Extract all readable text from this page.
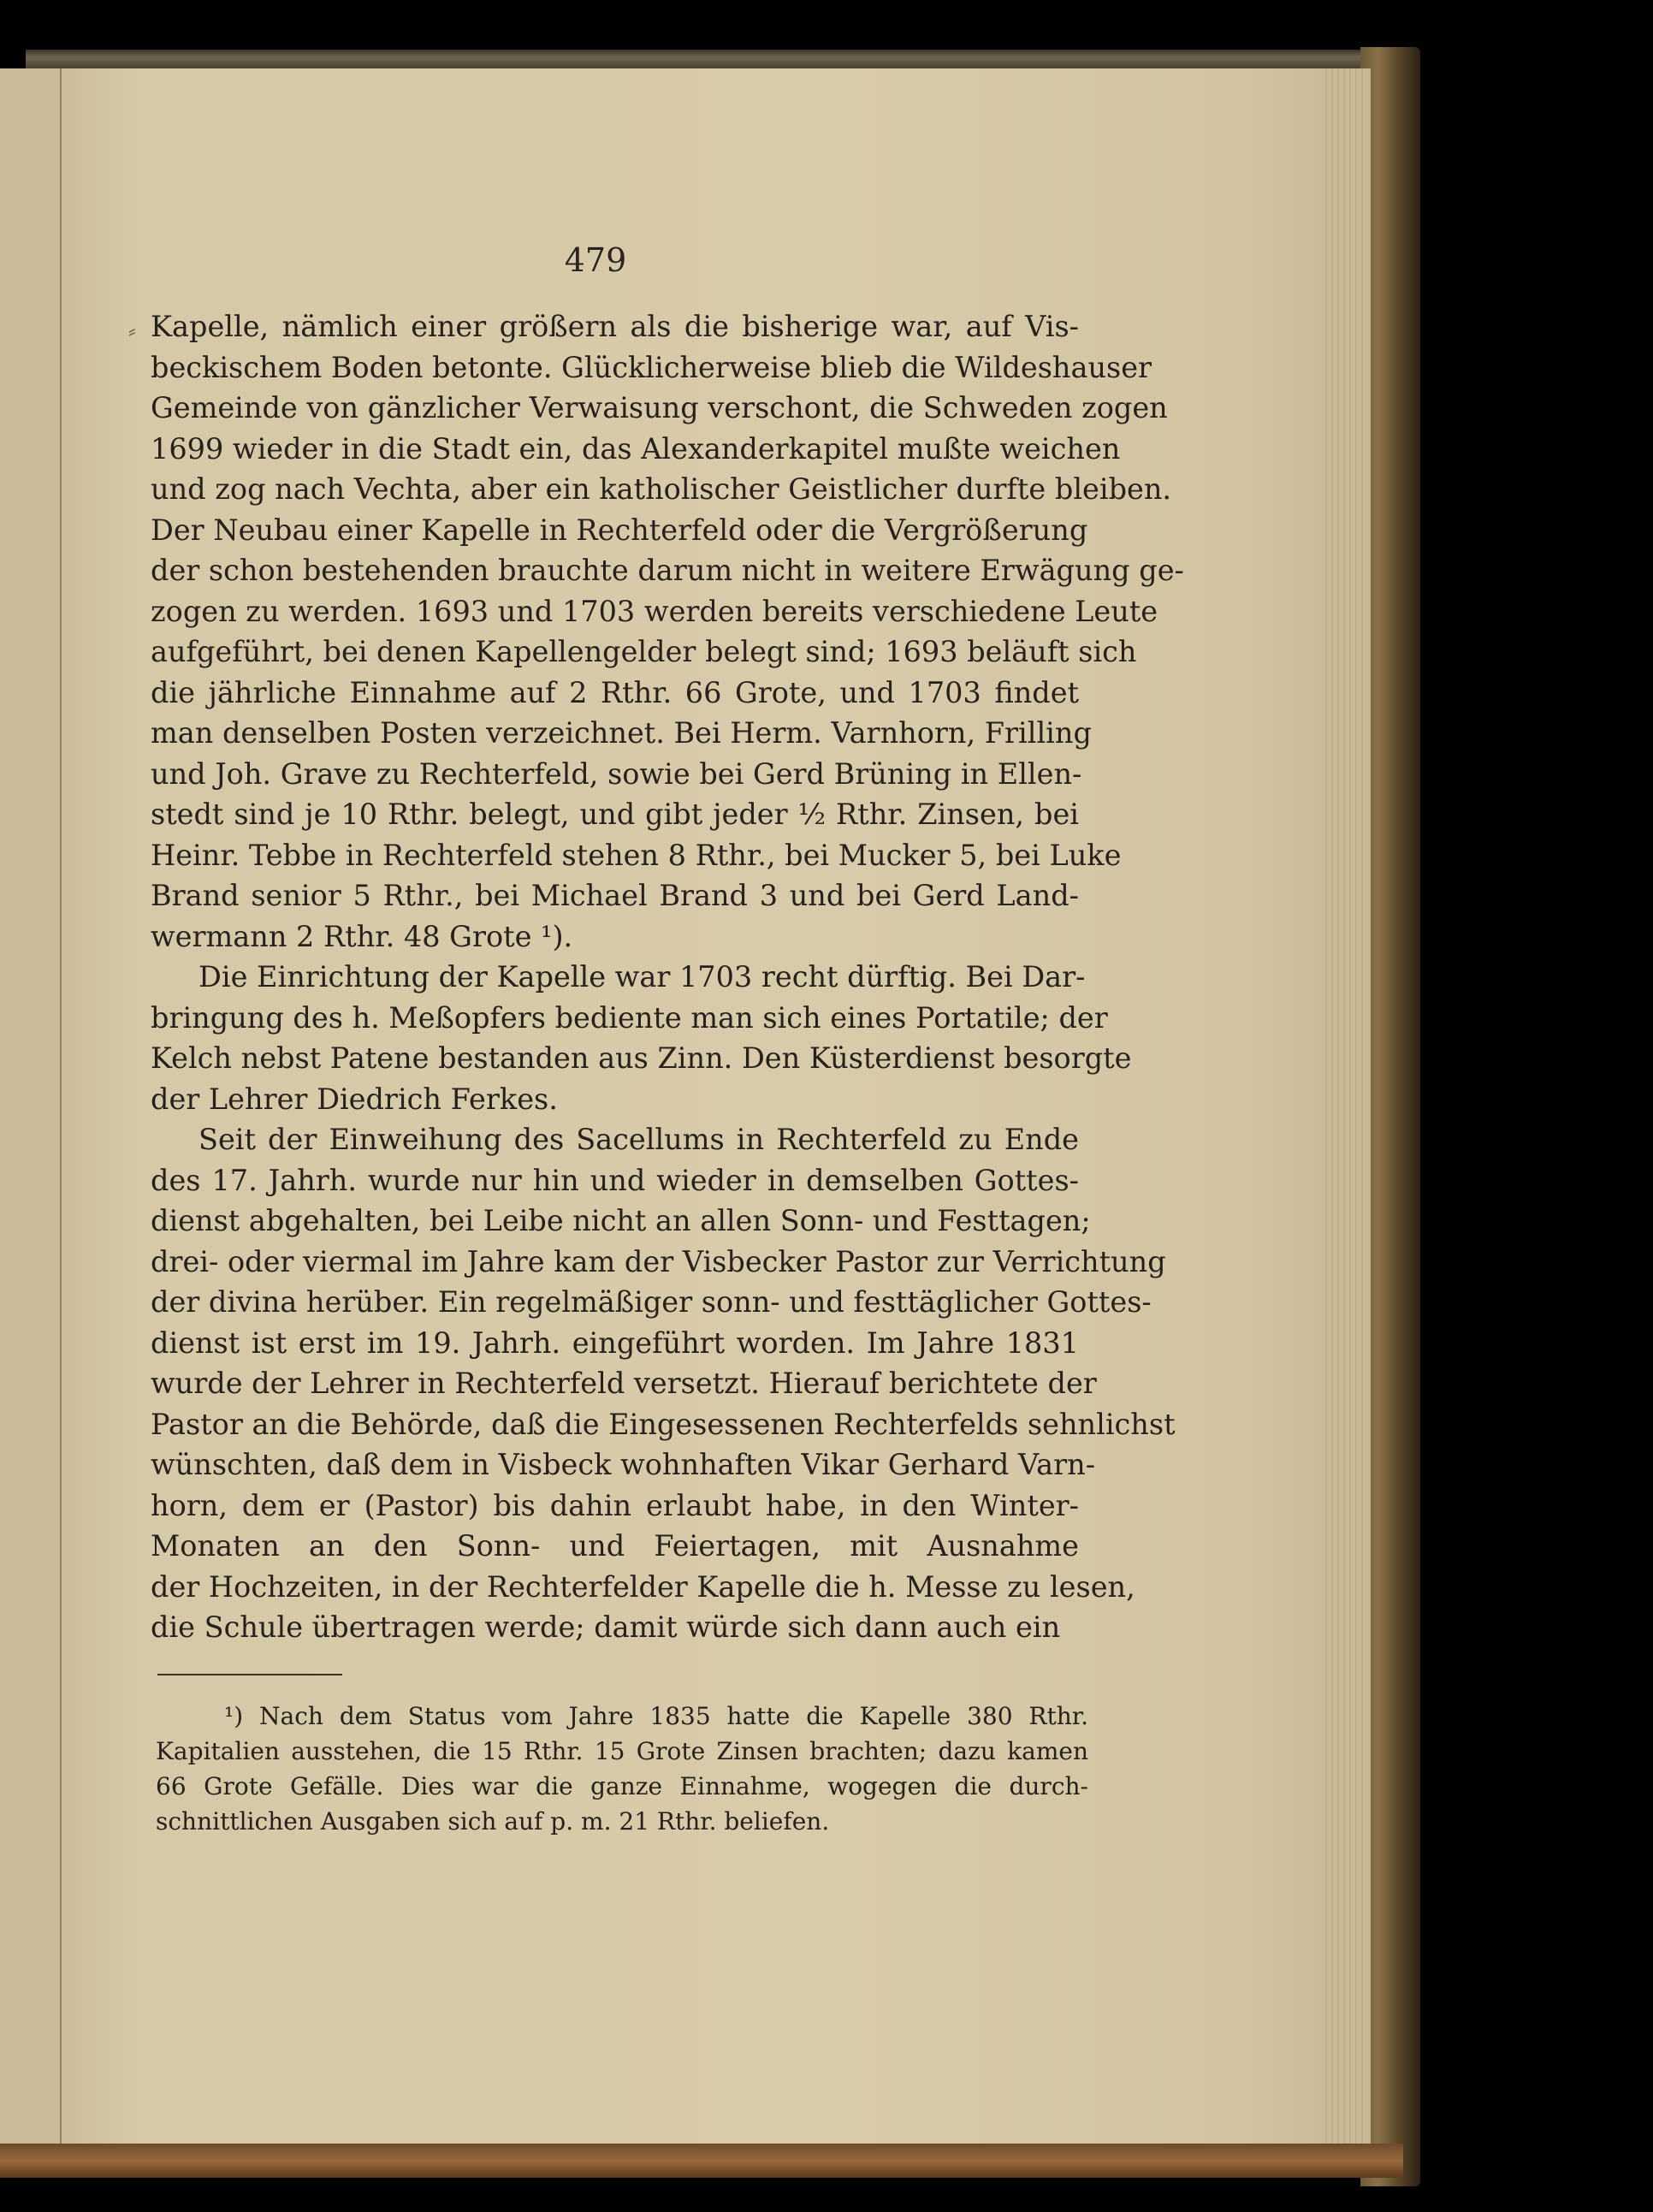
479
⸗ Kapelle, nämlich einer größern als die bisherige war, auf Vis-
beckischem Boden betonte. Glücklicherweise blieb die Wildeshauser
Gemeinde von gänzlicher Verwaisung verschont, die Schweden zogen
1699 wieder in die Stadt ein, das Alexanderkapitel mußte weichen
und zog nach Vechta, aber ein katholischer Geistlicher durfte bleiben.
Der Neubau einer Kapelle in Rechterfeld oder die Vergrößerung
der schon bestehenden brauchte darum nicht in weitere Erwägung ge-
zogen zu werden. 1693 und 1703 werden bereits verschiedene Leute
aufgeführt, bei denen Kapellengelder belegt sind; 1693 beläuft sich
die jährliche Einnahme auf 2 Rthr. 66 Grote, und 1703 findet
man denselben Posten verzeichnet. Bei Herm. Varnhorn, Frilling
und Joh. Grave zu Rechterfeld, sowie bei Gerd Brüning in Ellen-
stedt sind je 10 Rthr. belegt, und gibt jeder ½ Rthr. Zinsen, bei
Heinr. Tebbe in Rechterfeld stehen 8 Rthr., bei Mucker 5, bei Luke
Brand senior 5 Rthr., bei Michael Brand 3 und bei Gerd Land-
wermann 2 Rthr. 48 Grote ¹).
Die Einrichtung der Kapelle war 1703 recht dürftig. Bei Dar-
bringung des h. Meßopfers bediente man sich eines Portatile; der
Kelch nebst Patene bestanden aus Zinn. Den Küsterdienst besorgte
der Lehrer Diedrich Ferkes.
Seit der Einweihung des Sacellums in Rechterfeld zu Ende
des 17. Jahrh. wurde nur hin und wieder in demselben Gottes-
dienst abgehalten, bei Leibe nicht an allen Sonn- und Festtagen;
drei- oder viermal im Jahre kam der Visbecker Pastor zur Verrichtung
der divina herüber. Ein regelmäßiger sonn- und festtäglicher Gottes-
dienst ist erst im 19. Jahrh. eingeführt worden. Im Jahre 1831
wurde der Lehrer in Rechterfeld versetzt. Hierauf berichtete der
Pastor an die Behörde, daß die Eingesessenen Rechterfelds sehnlichst
wünschten, daß dem in Visbeck wohnhaften Vikar Gerhard Varn-
horn, dem er (Pastor) bis dahin erlaubt habe, in den Winter-
Monaten an den Sonn- und Feiertagen, mit Ausnahme
der Hochzeiten, in der Rechterfelder Kapelle die h. Messe zu lesen,
die Schule übertragen werde; damit würde sich dann auch ein
¹) Nach dem Status vom Jahre 1835 hatte die Kapelle 380 Rthr.
Kapitalien ausstehen, die 15 Rthr. 15 Grote Zinsen brachten; dazu kamen
66 Grote Gefälle. Dies war die ganze Einnahme, wogegen die durch-
schnittlichen Ausgaben sich auf p. m. 21 Rthr. beliefen.
